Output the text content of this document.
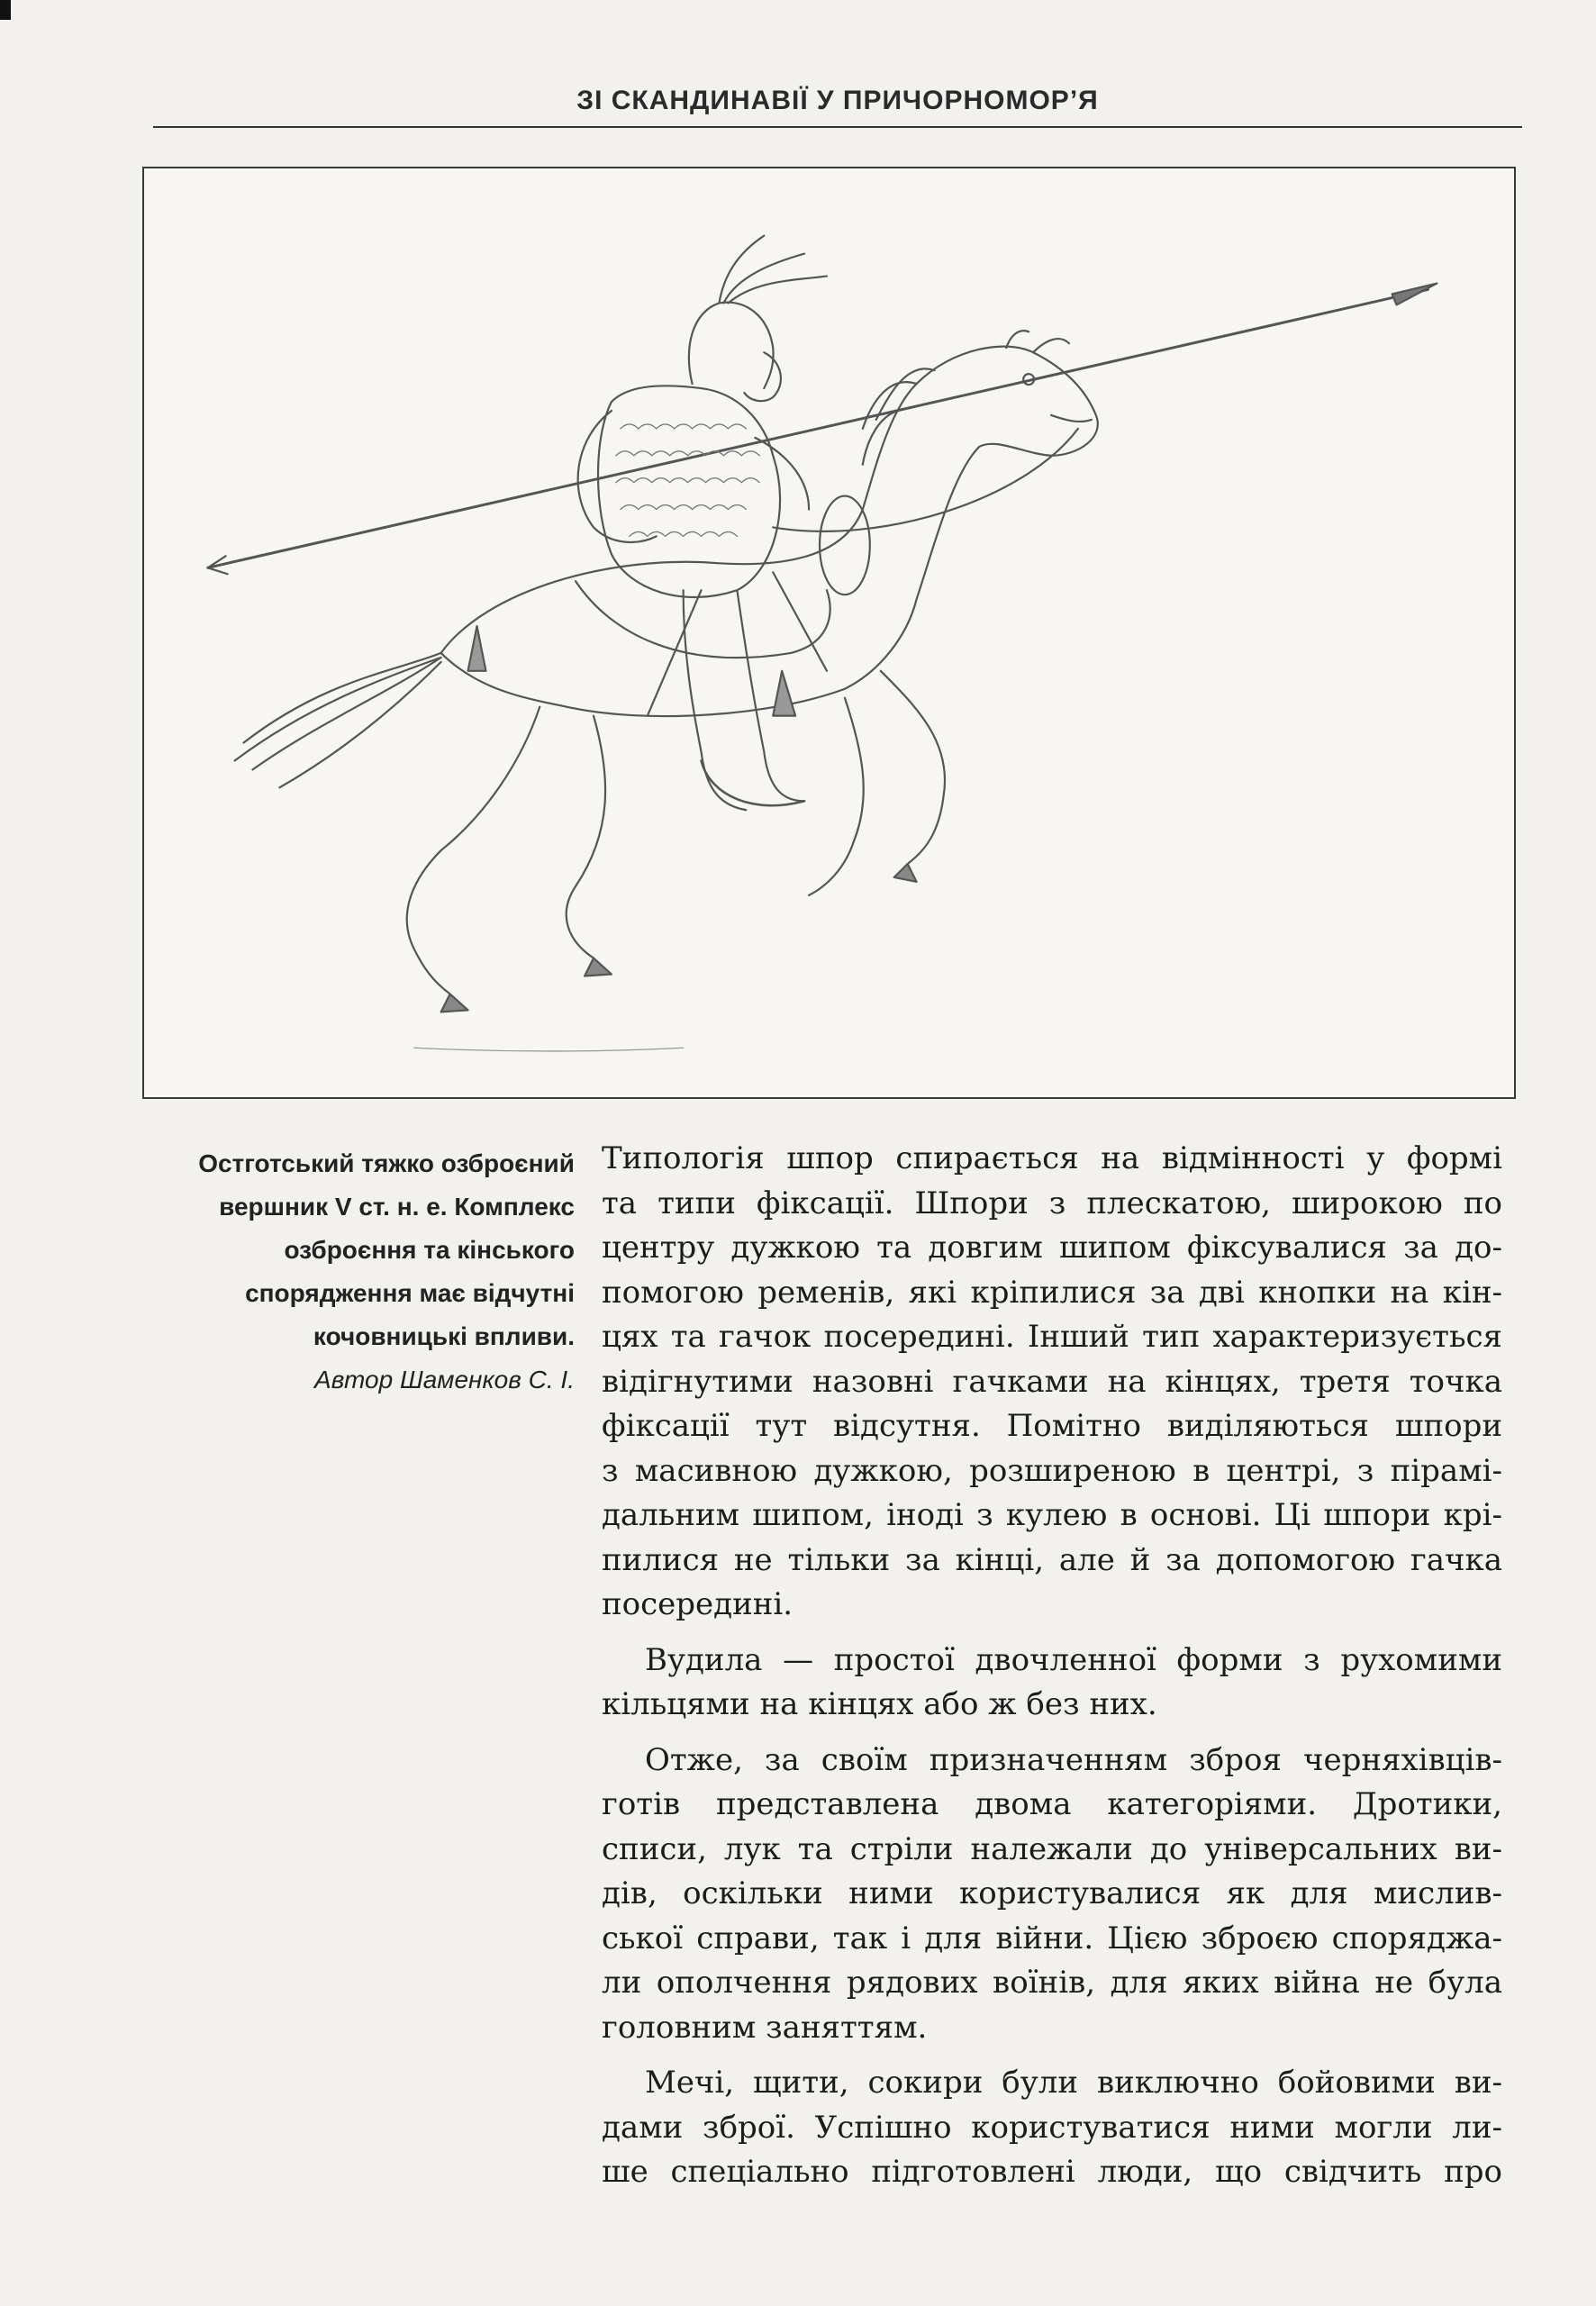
ЗІ СКАНДИНАВІЇ У ПРИЧОРНОМОР’Я
Остготський тяжко озброєний
вершник V ст. н. е. Комплекс
озброєння та кінського
спорядження має відчутні
кочовницькі впливи.
Автор Шаменков С. І.

Типологія шпор спирається на відмінності у формі
та типи фіксації. Шпори з плескатою, широкою по
центру дужкою та довгим шипом фіксувалися за до-
помогою ременів, які кріпилися за дві кнопки на кін-
цях та гачок посередині. Інший тип характеризується
відігнутими назовні гачками на кінцях, третя точка
фіксації тут відсутня. Помітно виділяються шпори
з масивною дужкою, розширеною в центрі, з пірамі-
дальним шипом, іноді з кулею в основі. Ці шпори крі-
пилися не тільки за кінці, але й за допомогою гачка
посередині.

Вудила — простої двочленної форми з рухомими
кільцями на кінцях або ж без них.

Отже, за своїм призначенням зброя черняхівців-
готів представлена двома категоріями. Дротики,
списи, лук та стріли належали до універсальних ви-
дів, оскільки ними користувалися як для мислив-
ської справи, так і для війни. Цією зброєю споряджа-
ли ополчення рядових воїнів, для яких війна не була
головним заняттям.

Мечі, щити, сокири були виключно бойовими ви-
дами зброї. Успішно користуватися ними могли ли-
ше спеціально підготовлені люди, що свідчить про
